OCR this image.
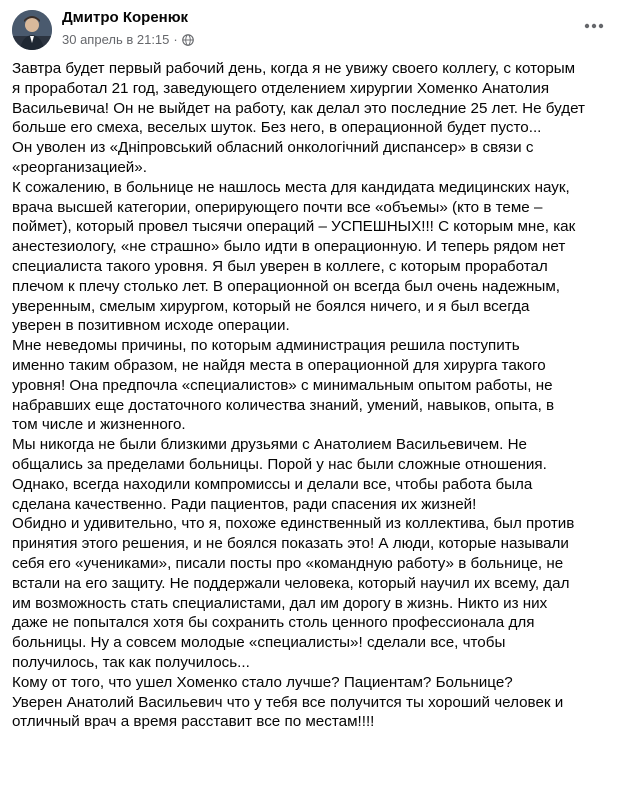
Дмитро Коренюк
30 апрель в 21:15 ·
Завтра будет первый рабочий день, когда я не увижу своего коллегу, с которым
я проработал 21 год, заведующего отделением хирургии Хоменко Анатолия
Васильевича! Он не выйдет на работу, как делал это последние 25 лет. Не будет
больше его смеха, веселых шуток. Без него, в операционной будет пусто...
Он уволен из «Дніпровський обласний онкологічний диспансер» в связи с
«реорганизацией».
К сожалению, в больнице не нашлось места для кандидата медицинских наук,
врача высшей категории, оперирующего почти все «объемы» (кто в теме –
поймет), который провел тысячи операций – УСПЕШНЫХ!!! С которым мне, как
анестезиологу, «не страшно» было идти в операционную. И теперь рядом нет
специалиста такого уровня. Я был уверен в коллеге, с которым проработал
плечом к плечу столько лет. В операционной он всегда был очень надежным,
уверенным, смелым хирургом, который не боялся ничего, и я был всегда
уверен в позитивном исходе операции.
Мне неведомы причины, по которым администрация решила поступить
именно таким образом, не найдя места в операционной для хирурга такого
уровня! Она предпочла «специалистов» с минимальным опытом работы, не
набравших еще достаточного количества знаний, умений, навыков, опыта, в
том числе и жизненного.
Мы никогда не были близкими друзьями с Анатолием Васильевичем. Не
общались за пределами больницы. Порой у нас были сложные отношения.
Однако, всегда находили компромиссы и делали все, чтобы работа была
сделана качественно. Ради пациентов, ради спасения их жизней!
Обидно и удивительно, что я, похоже единственный из коллектива, был против
принятия этого решения, и не боялся показать это! А люди, которые называли
себя его «учениками», писали посты про «командную работу» в больнице, не
встали на его защиту. Не поддержали человека, который научил их всему, дал
им возможность стать специалистами, дал им дорогу в жизнь. Никто из них
даже не попытался хотя бы сохранить столь ценного профессионала для
больницы. Ну а совсем молодые «специалисты»! сделали все, чтобы
получилось, так как получилось...
Кому от того, что ушел Хоменко стало лучше? Пациентам? Больнице?
Уверен Анатолий Васильевич что у тебя все получится ты хороший человек и
отличный врач а время расставит все по местам!!!!
